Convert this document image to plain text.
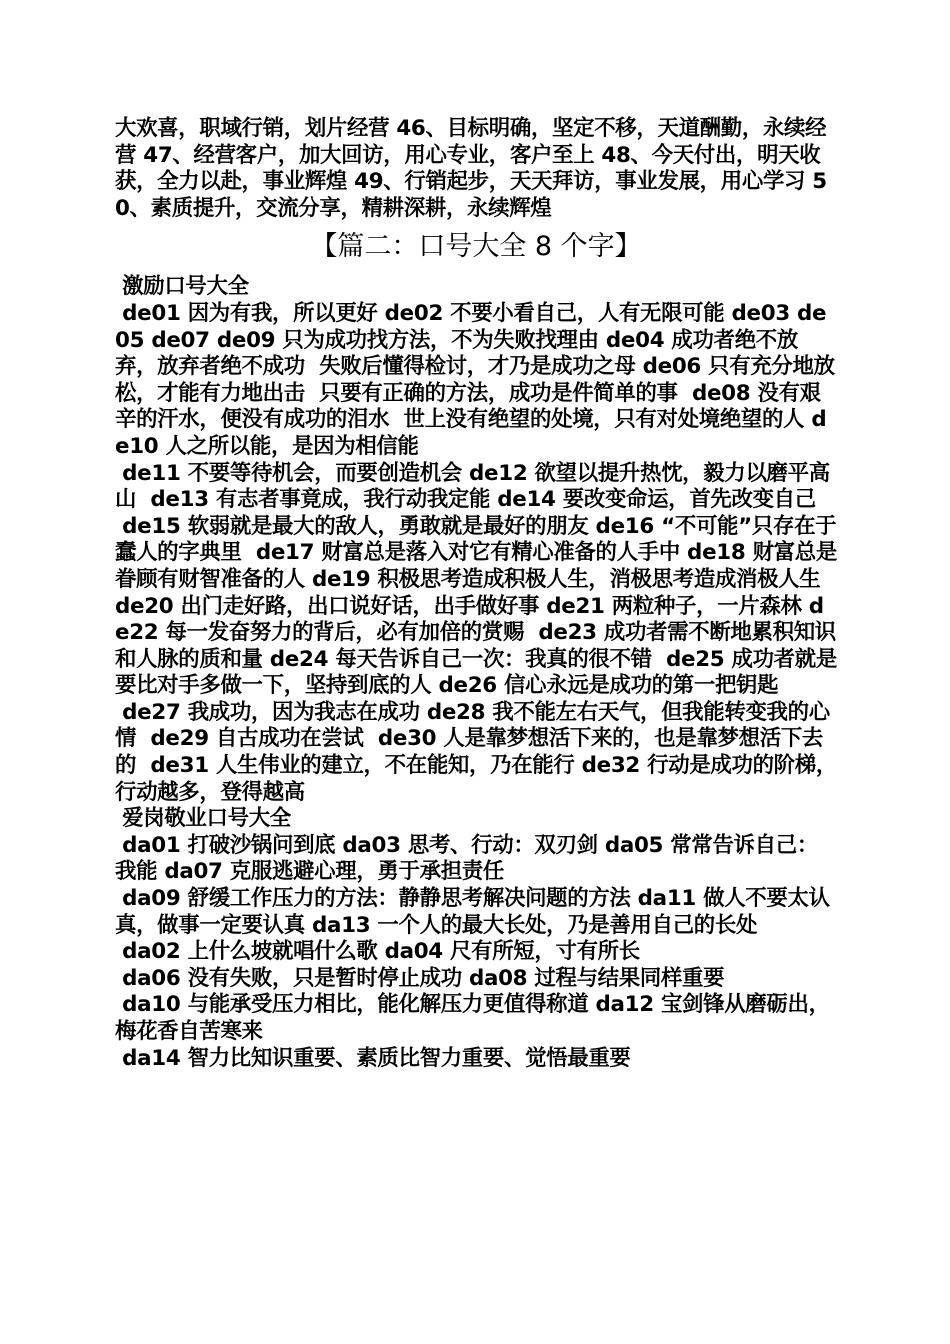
大欢喜，职域行销，划片经营 46、目标明确，坚定不移，天道酬勤，永续经营 47、经营客户，加大回访，用心专业，客户至上 48、今天付出，明天收获，全力以赴，事业辉煌 49、行销起步，天天拜访，事业发展，用心学习 50、素质提升，交流分享，精耕深耕，永续辉煌

【篇二：口号大全 8 个字】

激励口号大全

de01 因为有我，所以更好 de02 不要小看自己，人有无限可能 de03 de05 de07 de09 只为成功找方法，不为失败找理由 de04 成功者绝不放弃，放弃者绝不成功  失败后懂得检讨，才乃是成功之母 de06 只有充分地放松，才能有力地出击  只要有正确的方法，成功是件简单的事  de08 没有艰辛的汗水，便没有成功的泪水  世上没有绝望的处境，只有对处境绝望的人 de10 人之所以能，是因为相信能

de11 不要等待机会，而要创造机会 de12 欲望以提升热忱，毅力以磨平高山  de13 有志者事竟成，我行动我定能 de14 要改变命运，首先改变自己

de15 软弱就是最大的敌人，勇敢就是最好的朋友 de16 “不可能”只存在于蠢人的字典里  de17 财富总是落入对它有精心准备的人手中 de18 财富总是眷顾有财智准备的人 de19 积极思考造成积极人生，消极思考造成消极人生 de20 出门走好路，出口说好话，出手做好事 de21 两粒种子，一片森林 de22 每一发奋努力的背后，必有加倍的赏赐  de23 成功者需不断地累积知识和人脉的质和量 de24 每天告诉自己一次：我真的很不错  de25 成功者就是要比对手多做一下，坚持到底的人 de26 信心永远是成功的第一把钥匙

de27 我成功，因为我志在成功 de28 我不能左右天气，但我能转变我的心情  de29 自古成功在尝试  de30 人是靠梦想活下来的，也是靠梦想活下去的  de31 人生伟业的建立，不在能知，乃在能行 de32 行动是成功的阶梯，行动越多，登得越高

爱岗敬业口号大全

da01 打破沙锅问到底 da03 思考、行动：双刃剑 da05 常常告诉自己：我能 da07 克服逃避心理，勇于承担责任

da09 舒缓工作压力的方法：静静思考解决问题的方法 da11 做人不要太认真，做事一定要认真 da13 一个人的最大长处，乃是善用自己的长处

da02 上什么坡就唱什么歌 da04 尺有所短，寸有所长

da06 没有失败，只是暂时停止成功 da08 过程与结果同样重要

da10 与能承受压力相比，能化解压力更值得称道 da12 宝剑锋从磨砺出，梅花香自苦寒来

da14 智力比知识重要、素质比智力重要、觉悟最重要
